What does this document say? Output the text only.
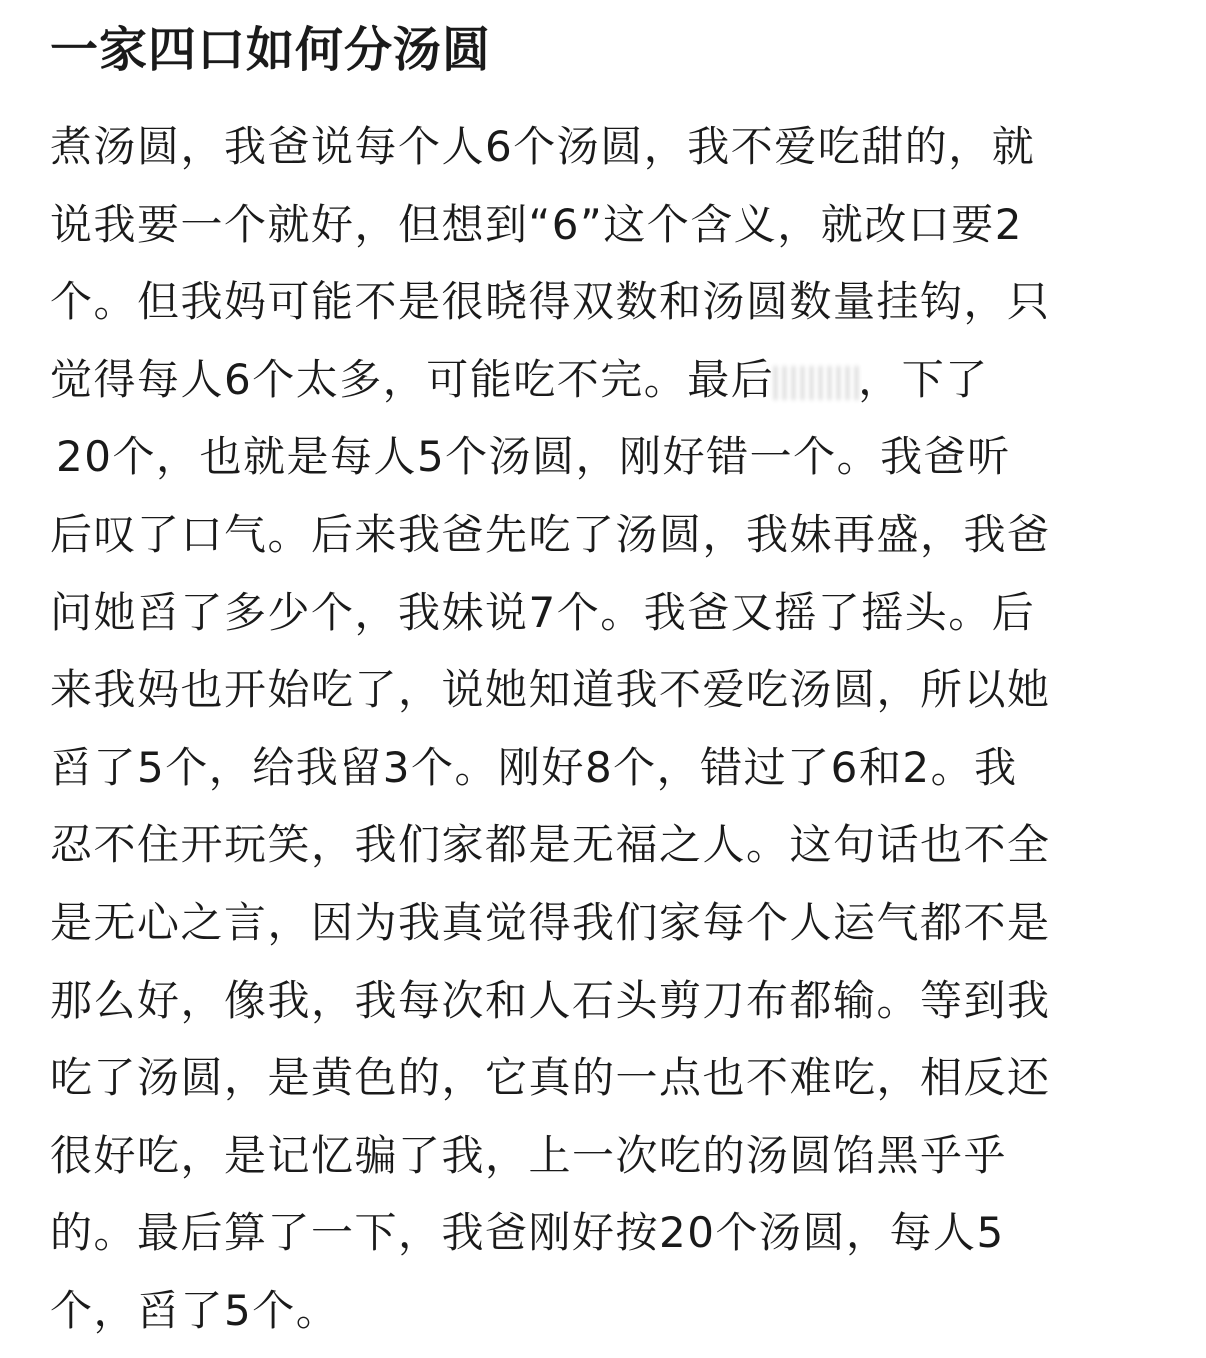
一家四口如何分汤圆
煮汤圆，我爸说每个人6个汤圆，我不爱吃甜的，就
说我要一个就好，但想到“6”这个含义，就改口要2
个。但我妈可能不是很晓得双数和汤圆数量挂钩，只
觉得每人6个太多，可能吃不完。最后 ，下了
20个，也就是每人5个汤圆，刚好错一个。我爸听
后叹了口气。后来我爸先吃了汤圆，我妹再盛，我爸
问她舀了多少个，我妹说7个。我爸又摇了摇头。后
来我妈也开始吃了，说她知道我不爱吃汤圆，所以她
舀了5个，给我留3个。刚好8个，错过了6和2。我
忍不住开玩笑，我们家都是无福之人。这句话也不全
是无心之言，因为我真觉得我们家每个人运气都不是
那么好，像我，我每次和人石头剪刀布都输。等到我
吃了汤圆，是黄色的，它真的一点也不难吃，相反还
很好吃，是记忆骗了我，上一次吃的汤圆馅黑乎乎
的。最后算了一下，我爸刚好按20个汤圆，每人5
个，舀了5个。
